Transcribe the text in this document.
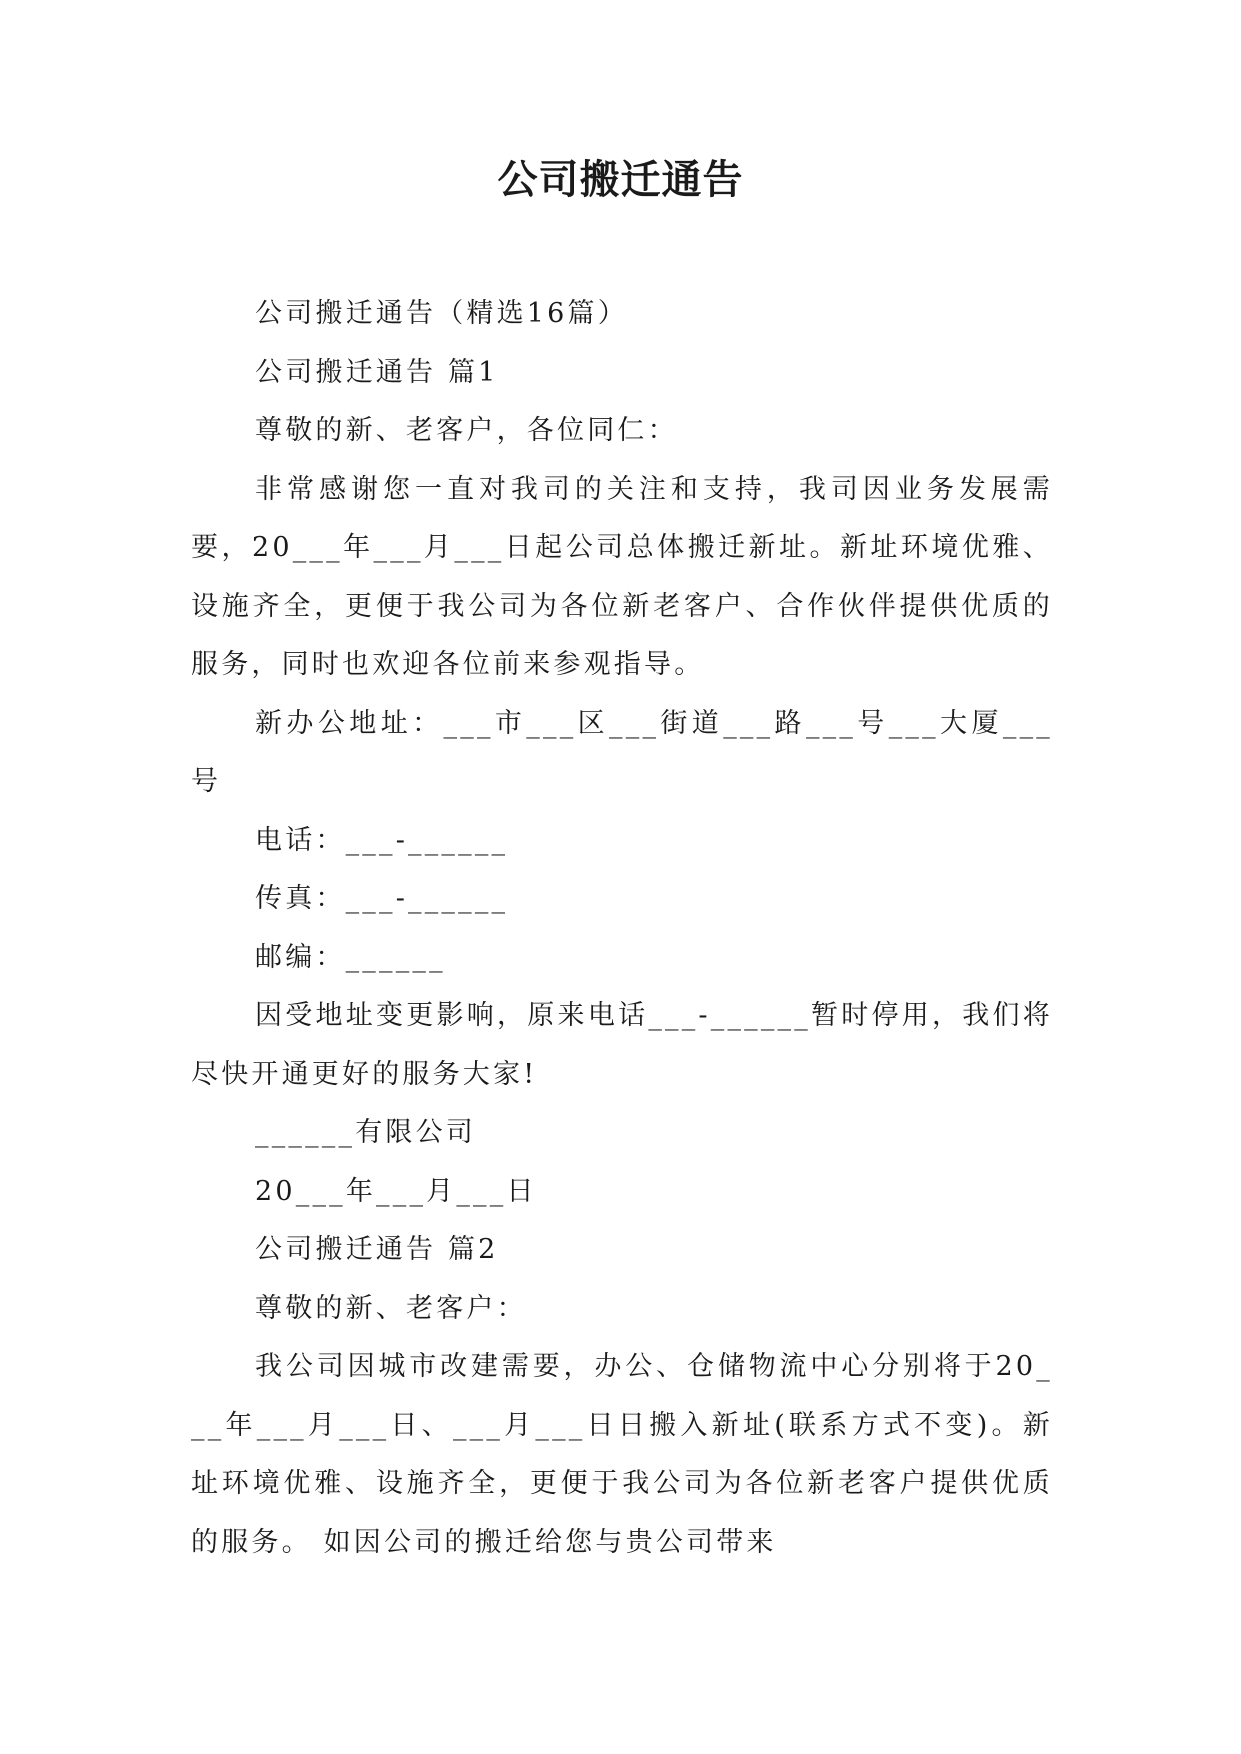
公司搬迁通告

公司搬迁通告（精选16篇）

公司搬迁通告 篇1

尊敬的新、老客户，各位同仁：

非常感谢您一直对我司的关注和支持，我司因业务发展需要，20___年___月___日起公司总体搬迁新址。新址环境优雅、设施齐全，更便于我公司为各位新老客户、合作伙伴提供优质的服务，同时也欢迎各位前来参观指导。

新办公地址：___市___区___街道___路___号___大厦___号

电话：___-______

传真：___-______

邮编：______

因受地址变更影响，原来电话___-______暂时停用，我们将尽快开通更好的服务大家!

______有限公司

20___年___月___日

公司搬迁通告 篇2

尊敬的新、老客户：

我公司因城市改建需要，办公、仓储物流中心分别将于20___年___月___日、___月___日日搬入新址(联系方式不变)。新址环境优雅、设施齐全，更便于我公司为各位新老客户提供优质的服务。 如因公司的搬迁给您与贵公司带来
